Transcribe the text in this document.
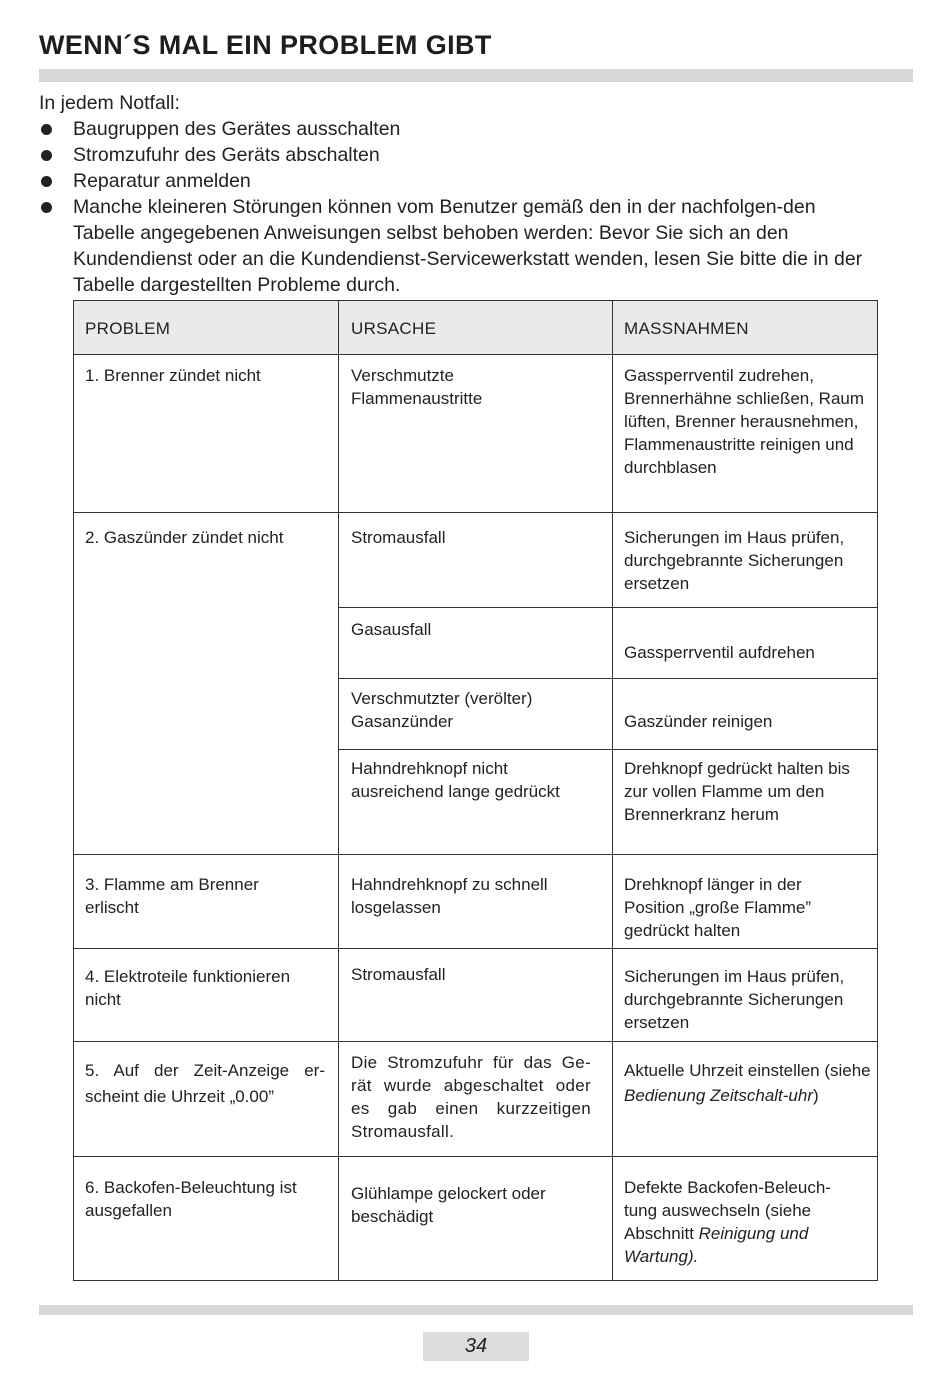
WENN´S MAL EIN PROBLEM GIBT
In jedem Notfall:
Baugruppen des Gerätes ausschalten
Stromzufuhr des Geräts abschalten
Reparatur anmelden
Manche kleineren Störungen können vom Benutzer gemäß den in der nachfolgen-den Tabelle angegebenen Anweisungen selbst behoben werden: Bevor Sie sich an den Kundendienst oder an die Kundendienst-Servicewerkstatt wenden, lesen Sie bitte die in der Tabelle dargestellten Probleme durch.
PROBLEM	URSACHE	MASSNAHMEN
1. Brenner zündet nicht
2. Gaszünder zündet nicht
3. Flamme am Brenner erlischt
4. Elektroteile funktionieren nicht
5. Auf der Zeit-Anzeige er-scheint die Uhrzeit „0.00”
6. Backofen-Beleuchtung ist ausgefallen
Verschmutzte Flammenaustritte
Stromausfall
Gasausfall
Verschmutzter (verölter) Gasanzünder
Hahndrehknopf nicht ausreichend lange gedrückt
Hahndrehknopf zu schnell losgelassen
Stromausfall
Die Stromzufuhr für das Ge-rät wurde abgeschaltet oder es gab einen kurzzeitigen Stromausfall.
Glühlampe gelockert oder beschädigt
Gassperrventil zudrehen, Brennerhähne schließen, Raum lüften, Brenner herausnehmen, Flammenaustritte reinigen und durchblasen
Sicherungen im Haus prüfen, durchgebrannte Sicherungen ersetzen
Gassperrventil aufdrehen
Gaszünder reinigen
Drehknopf gedrückt halten bis zur vollen Flamme um den Brennerkranz herum
Drehknopf länger in der Position „große Flamme” gedrückt halten
Sicherungen im Haus prüfen, durchgebrannte Sicherungen ersetzen
Aktuelle Uhrzeit einstellen (siehe Bedienung Zeitschalt-uhr)
Defekte Backofen-Beleuch-tung auswechseln (siehe Abschnitt Reinigung und Wartung).
34
